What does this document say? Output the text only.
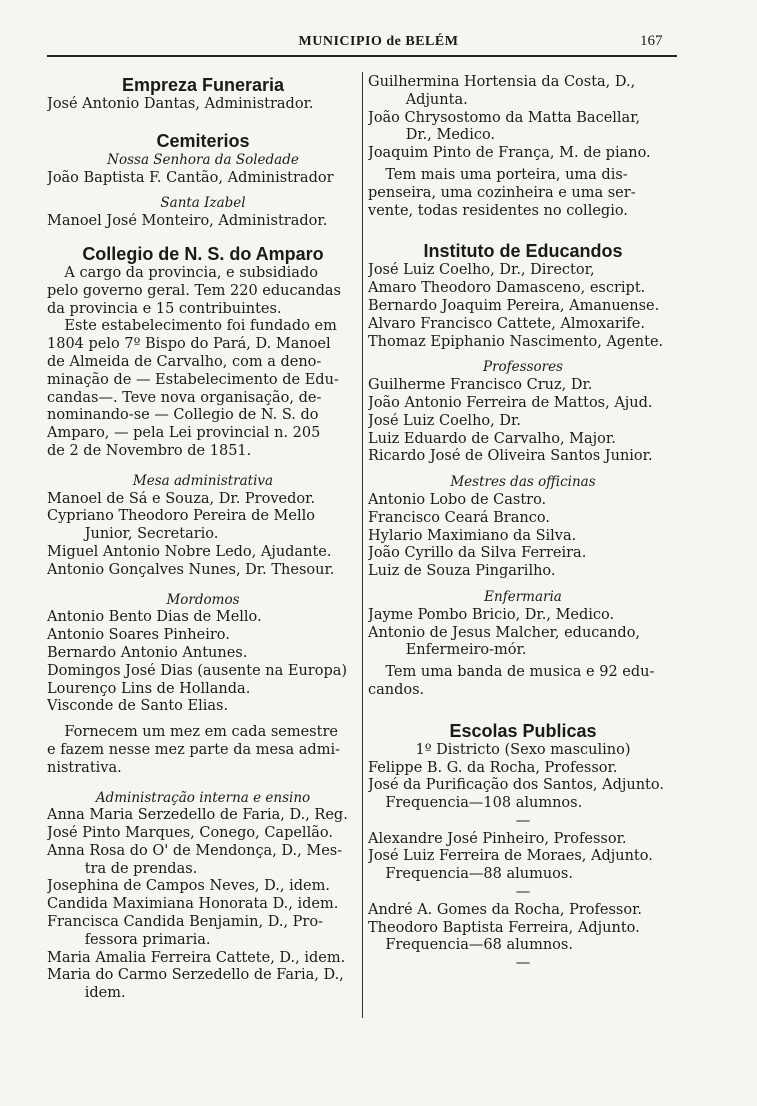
MUNICIPIO de BELÉM	167
Empreza Funeraria
José Antonio Dantas, Administrador.
Cemiterios
Nossa Senhora da Soledade
João Baptista F. Cantão, Administrador
Santa Izabel
Manoel José Monteiro, Administrador.
Collegio de N. S. do Amparo
A cargo da provincia, e subsidiado
pelo governo geral. Tem 220 educandas
da provincia e 15 contribuintes.
Este estabelecimento foi fundado em
1804 pelo 7º Bispo do Pará, D. Manoel
de Almeida de Carvalho, com a deno-
minação de — Estabelecimento de Edu-
candas—. Teve nova organisação, de-
nominando-se — Collegio de N. S. do
Amparo, — pela Lei provincial n. 205
de 2 de Novembro de 1851.
Mesa administrativa
Manoel de Sá e Souza, Dr. Provedor.
Cypriano Theodoro Pereira de Mello
Junior, Secretario.
Miguel Antonio Nobre Ledo, Ajudante.
Antonio Gonçalves Nunes, Dr. Thesour.
Mordomos
Antonio Bento Dias de Mello.
Antonio Soares Pinheiro.
Bernardo Antonio Antunes.
Domingos José Dias (ausente na Europa)
Lourenço Lins de Hollanda.
Visconde de Santo Elias.
Fornecem um mez em cada semestre
e fazem nesse mez parte da mesa admi-
nistrativa.
Administração interna e ensino
Anna Maria Serzedello de Faria, D., Reg.
José Pinto Marques, Conego, Capellão.
Anna Rosa do O' de Mendonça, D., Mes-
tra de prendas.
Josephina de Campos Neves, D., idem.
Candida Maximiana Honorata D., idem.
Francisca Candida Benjamin, D., Pro-
fessora primaria.
Maria Amalia Ferreira Cattete, D., idem.
Maria do Carmo Serzedello de Faria, D.,
idem.
Guilhermina Hortensia da Costa, D.,
Adjunta.
João Chrysostomo da Matta Bacellar,
Dr., Medico.
Joaquim Pinto de França, M. de piano.
Tem mais uma porteira, uma dis-
penseira, uma cozinheira e uma ser-
vente, todas residentes no collegio.
Instituto de Educandos
José Luiz Coelho, Dr., Director,
Amaro Theodoro Damasceno, escript.
Bernardo Joaquim Pereira, Amanuense.
Alvaro Francisco Cattete, Almoxarife.
Thomaz Epiphanio Nascimento, Agente.
Professores
Guilherme Francisco Cruz, Dr.
João Antonio Ferreira de Mattos, Ajud.
José Luiz Coelho, Dr.
Luiz Eduardo de Carvalho, Major.
Ricardo José de Oliveira Santos Junior.
Mestres das officinas
Antonio Lobo de Castro.
Francisco Ceará Branco.
Hylario Maximiano da Silva.
João Cyrillo da Silva Ferreira.
Luiz de Souza Pingarilho.
Enfermaria
Jayme Pombo Bricio, Dr., Medico.
Antonio de Jesus Malcher, educando,
Enfermeiro-mór.
Tem uma banda de musica e 92 edu-
candos.
Escolas Publicas
1º Districto (Sexo masculino)
Felippe B. G. da Rocha, Professor.
José da Purificação dos Santos, Adjunto.
Frequencia—108 alumnos.
—
Alexandre José Pinheiro, Professor.
José Luiz Ferreira de Moraes, Adjunto.
Frequencia—88 alumuos.
—
André A. Gomes da Rocha, Professor.
Theodoro Baptista Ferreira, Adjunto.
Frequencia—68 alumnos.
—
